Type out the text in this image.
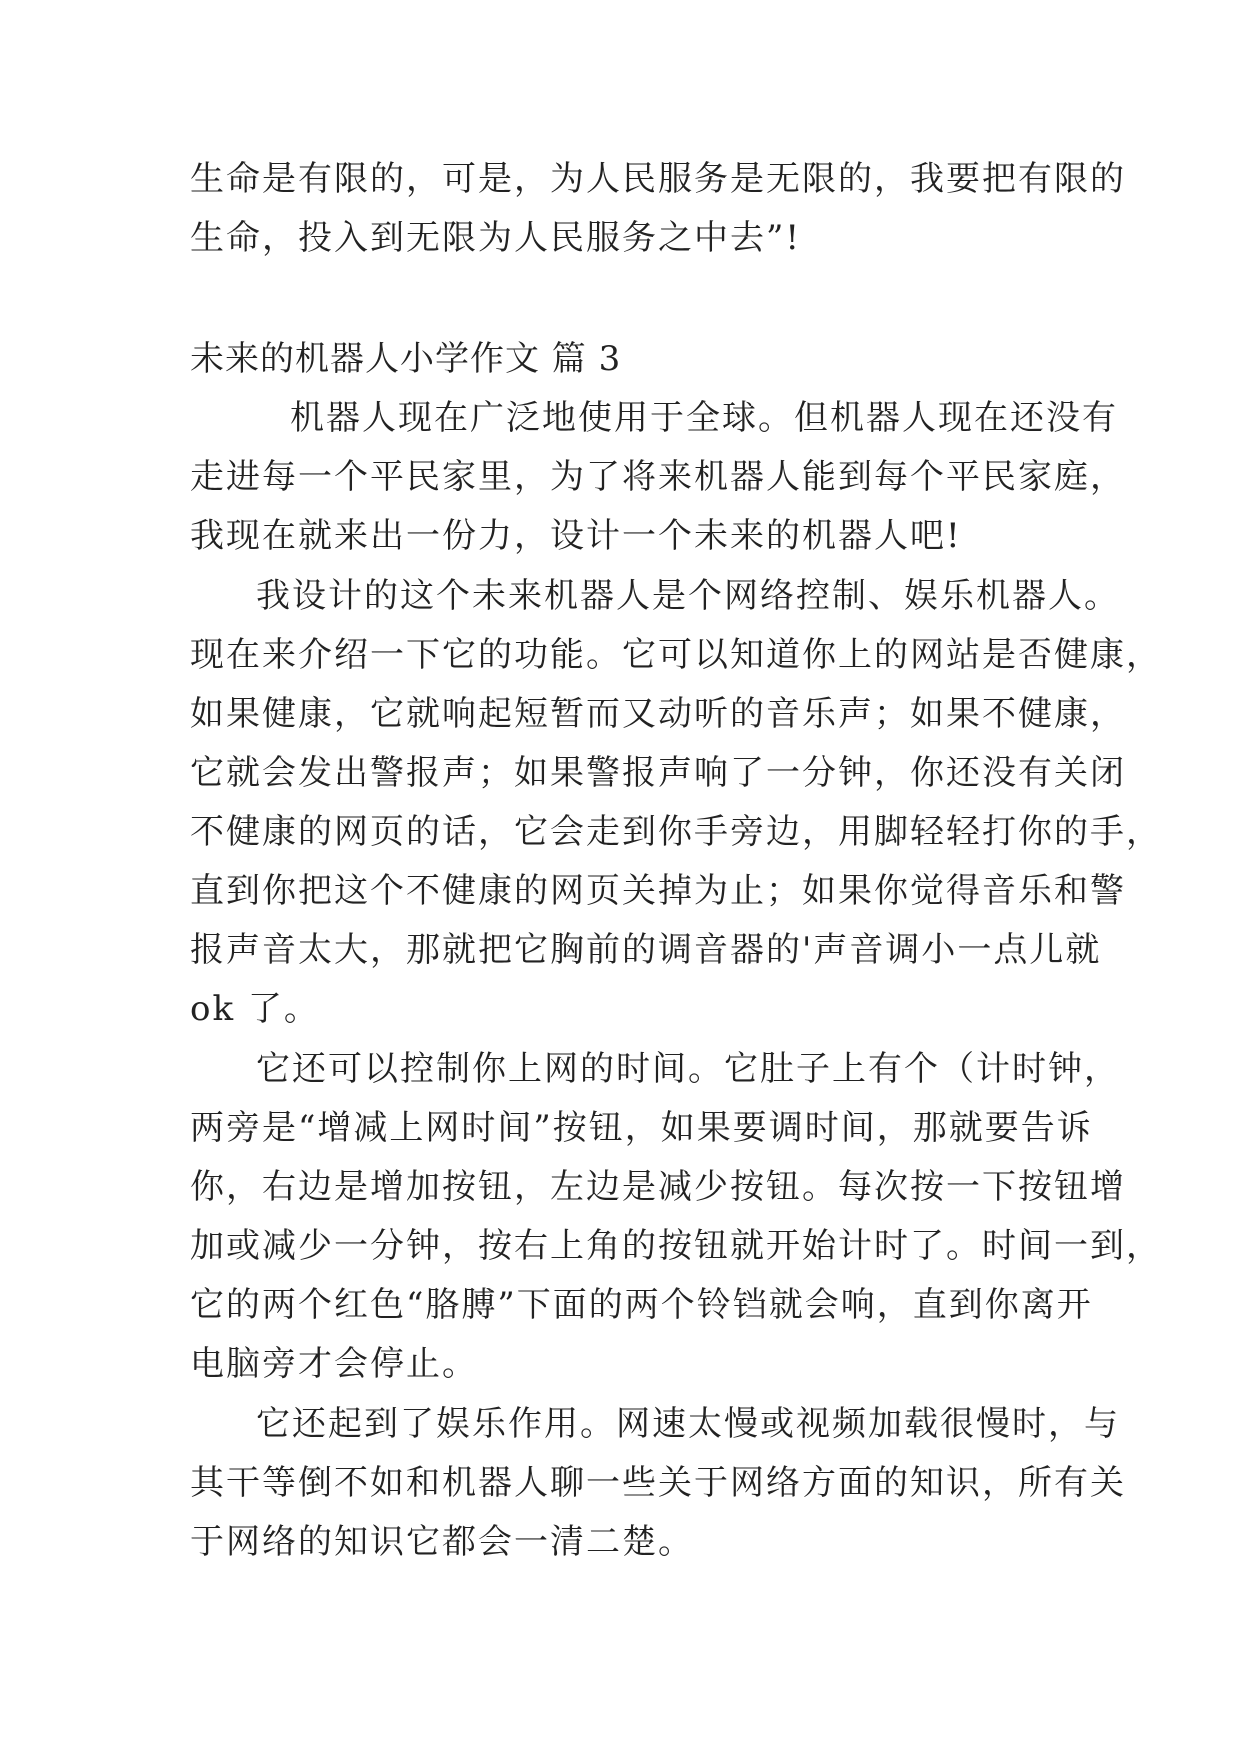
生命是有限的，可是，为人民服务是无限的，我要把有限的
生命，投入到无限为人民服务之中去”!
未来的机器人小学作文 篇 3
机器人现在广泛地使用于全球。但机器人现在还没有
走进每一个平民家里，为了将来机器人能到每个平民家庭，
我现在就来出一份力，设计一个未来的机器人吧!
我设计的这个未来机器人是个网络控制、娱乐机器人。
现在来介绍一下它的功能。它可以知道你上的网站是否健康，
如果健康，它就响起短暂而又动听的音乐声；如果不健康，
它就会发出警报声；如果警报声响了一分钟，你还没有关闭
不健康的网页的话，它会走到你手旁边，用脚轻轻打你的手，
直到你把这个不健康的网页关掉为止；如果你觉得音乐和警
报声音太大，那就把它胸前的调音器的'声音调小一点儿就
ok 了。
它还可以控制你上网的时间。它肚子上有个（计时钟，
两旁是“增减上网时间”按钮，如果要调时间，那就要告诉
你，右边是增加按钮，左边是减少按钮。每次按一下按钮增
加或减少一分钟，按右上角的按钮就开始计时了。时间一到，
它的两个红色“胳膊”下面的两个铃铛就会响，直到你离开
电脑旁才会停止。
它还起到了娱乐作用。网速太慢或视频加载很慢时，与
其干等倒不如和机器人聊一些关于网络方面的知识，所有关
于网络的知识它都会一清二楚。
